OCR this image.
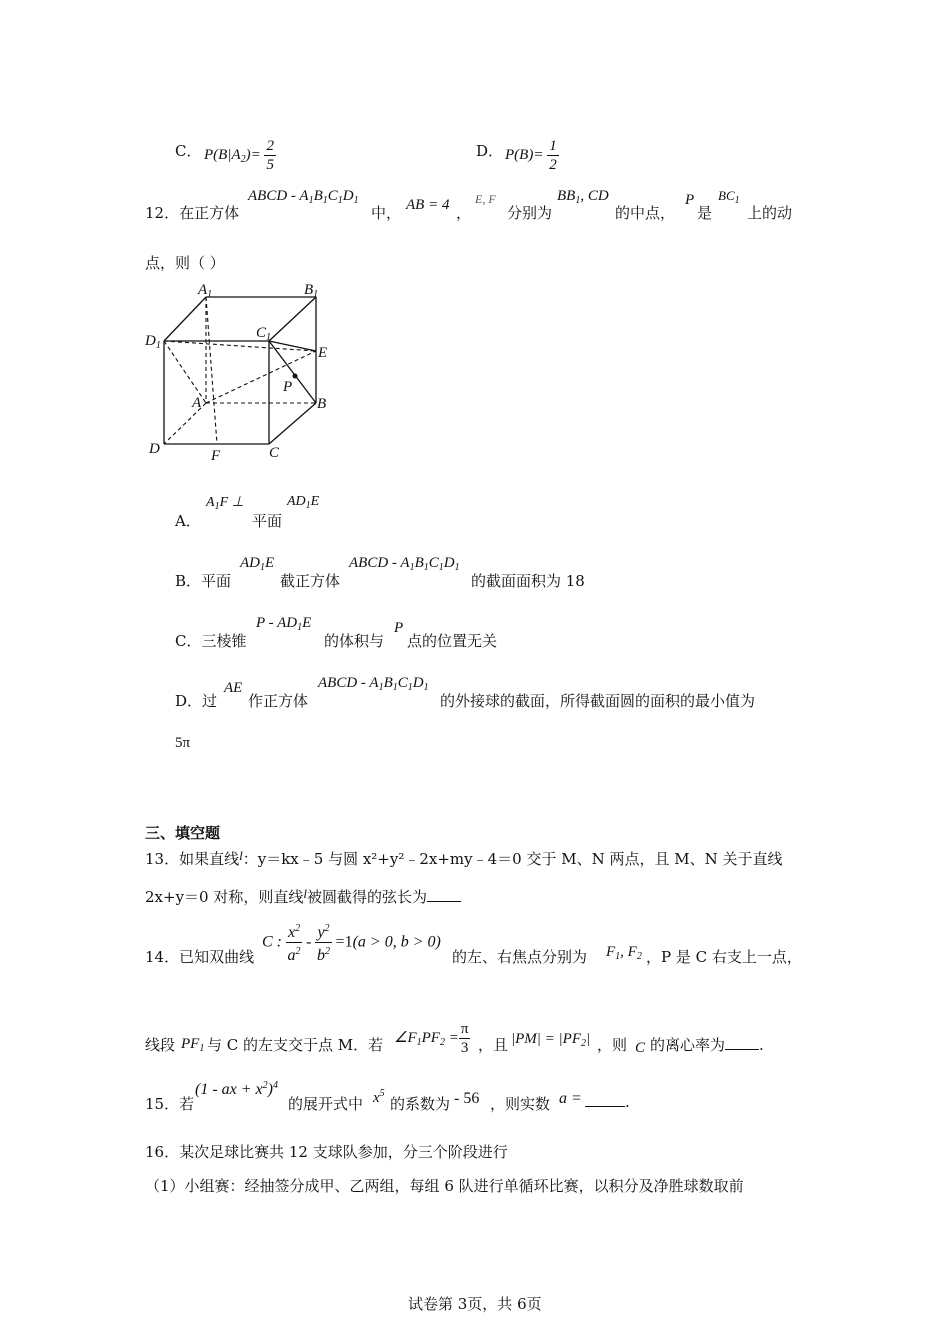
C． $P(B|A_2)= \frac{2}{5}$	D． $P(B)= \frac{1}{2}$
12．在正方体
ABCD - $A_1B_1C_1D_1$
中， AB = 4 ，
E, F
分别为
$BB_1$, CD
的中点，
P
是
$BC_1$
上的动
点，则（ ）
$A_1$	$B_1$
$C_1$
$D_1$
A	B
C
D
E
F
P
A．
$A_1F$ ⊥
平面
$AD_1E$
B．平面
$AD_1E$
截正方体
ABCD - $A_1B_1C_1D_1$
的截面面积为 18
C．三棱锥
P - $AD_1E$
的体积与
P
点的位置无关
D．过
AE
作正方体
ABCD - $A_1B_1C_1D_1$
的外接球的截面，所得截面圆的面积的最小值为
5π
三、填空题
13．如果直线l：y＝kx﹣5 与圆 x²+y²﹣2x+my﹣4＝0 交于 M、N 两点，且 M、N 关于直线
2x+y＝0 对称，则直线l被圆截得的弦长为
14．已知双曲线
C : $\frac{x^2}{a^2} - \frac{y^2}{b^2} =1(a > 0$, b > 0)
的左、右焦点分别为 $F_1$, $F_2$ ，P 是 C 右支上一点，
线段 $PF_1$ 与 C 的左支交于点 M．若 $\angle F_1PF_2 = \frac{\pi}{3}$ ，且 $|PM| = |PF_2|$ ，则 C 的离心率为 .
15．若
(1 - ax + $x^2)^4$
的展开式中 $x^5$
的系数为 - 56 ，则实数 a =	.
16．某次足球比赛共 12 支球队参加，分三个阶段进行
（1）小组赛：经抽签分成甲、乙两组，每组 6 队进行单循环比赛，以积分及净胜球数取前
试卷第 3页，共 6页
